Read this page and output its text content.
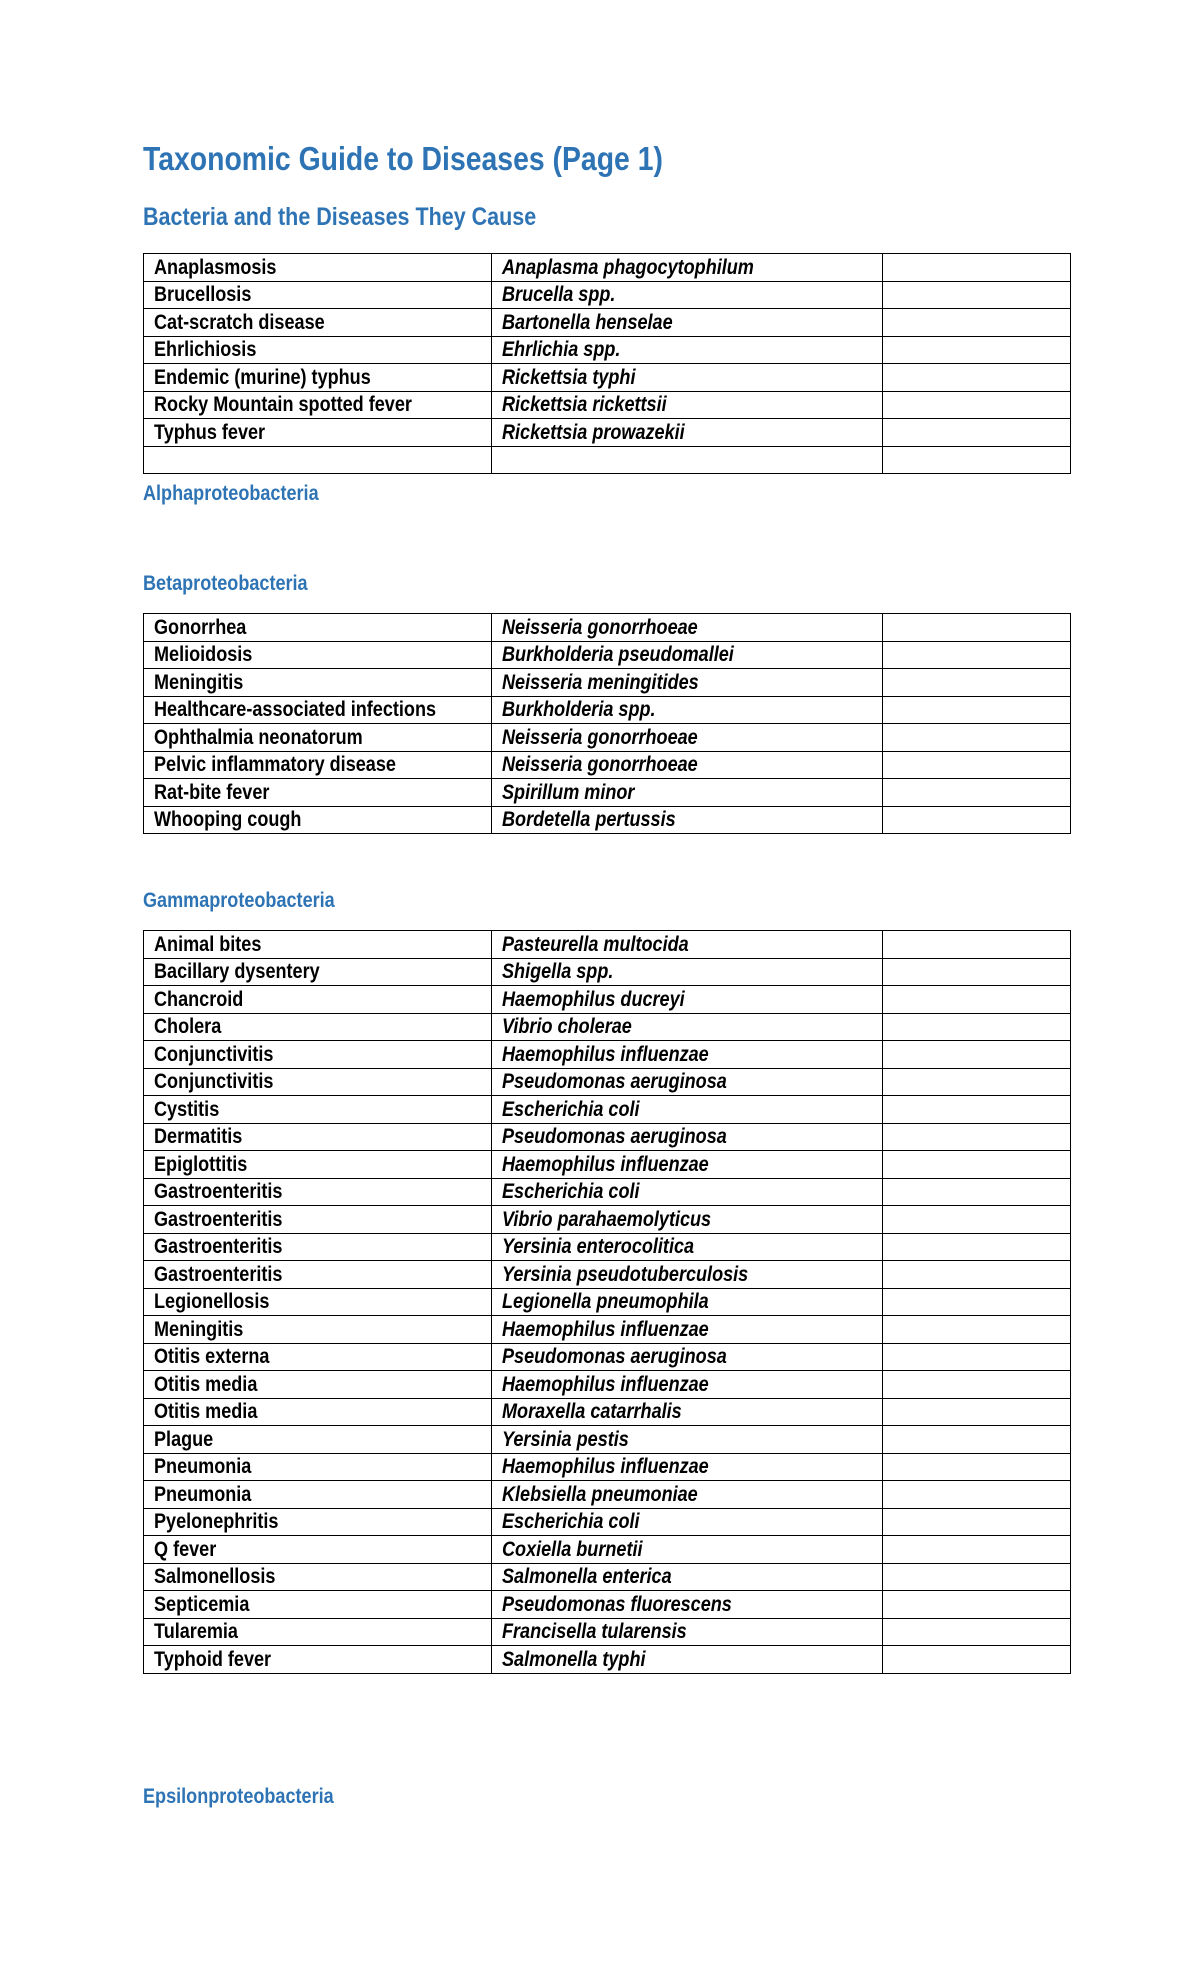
Taxonomic Guide to Diseases (Page 1)
Bacteria and the Diseases They Cause
Anaplasmosis	Anaplasma phagocytophilum	
Brucellosis	Brucella spp.	
Cat-scratch disease	Bartonella henselae	
Ehrlichiosis	Ehrlichia spp.	
Endemic (murine) typhus	Rickettsia typhi	
Rocky Mountain spotted fever	Rickettsia rickettsii	
Typhus fever	Rickettsia prowazekii	

Alphaproteobacteria
Betaproteobacteria
Gonorrhea	Neisseria gonorrhoeae	
Melioidosis	Burkholderia pseudomallei	
Meningitis	Neisseria meningitides	
Healthcare-associated infections	Burkholderia spp.	
Ophthalmia neonatorum	Neisseria gonorrhoeae	
Pelvic inflammatory disease	Neisseria gonorrhoeae	
Rat-bite fever	Spirillum minor	
Whooping cough	Bordetella pertussis	
Gammaproteobacteria
Animal bites	Pasteurella multocida	
Bacillary dysentery	Shigella spp.	
Chancroid	Haemophilus ducreyi	
Cholera	Vibrio cholerae	
Conjunctivitis	Haemophilus influenzae	
Conjunctivitis	Pseudomonas aeruginosa	
Cystitis	Escherichia coli	
Dermatitis	Pseudomonas aeruginosa	
Epiglottitis	Haemophilus influenzae	
Gastroenteritis	Escherichia coli	
Gastroenteritis	Vibrio parahaemolyticus	
Gastroenteritis	Yersinia enterocolitica	
Gastroenteritis	Yersinia pseudotuberculosis	
Legionellosis	Legionella pneumophila	
Meningitis	Haemophilus influenzae	
Otitis externa	Pseudomonas aeruginosa	
Otitis media	Haemophilus influenzae	
Otitis media	Moraxella catarrhalis	
Plague	Yersinia pestis	
Pneumonia	Haemophilus influenzae	
Pneumonia	Klebsiella pneumoniae	
Pyelonephritis	Escherichia coli	
Q fever	Coxiella burnetii	
Salmonellosis	Salmonella enterica	
Septicemia	Pseudomonas fluorescens	
Tularemia	Francisella tularensis	
Typhoid fever	Salmonella typhi	
Epsilonproteobacteria
